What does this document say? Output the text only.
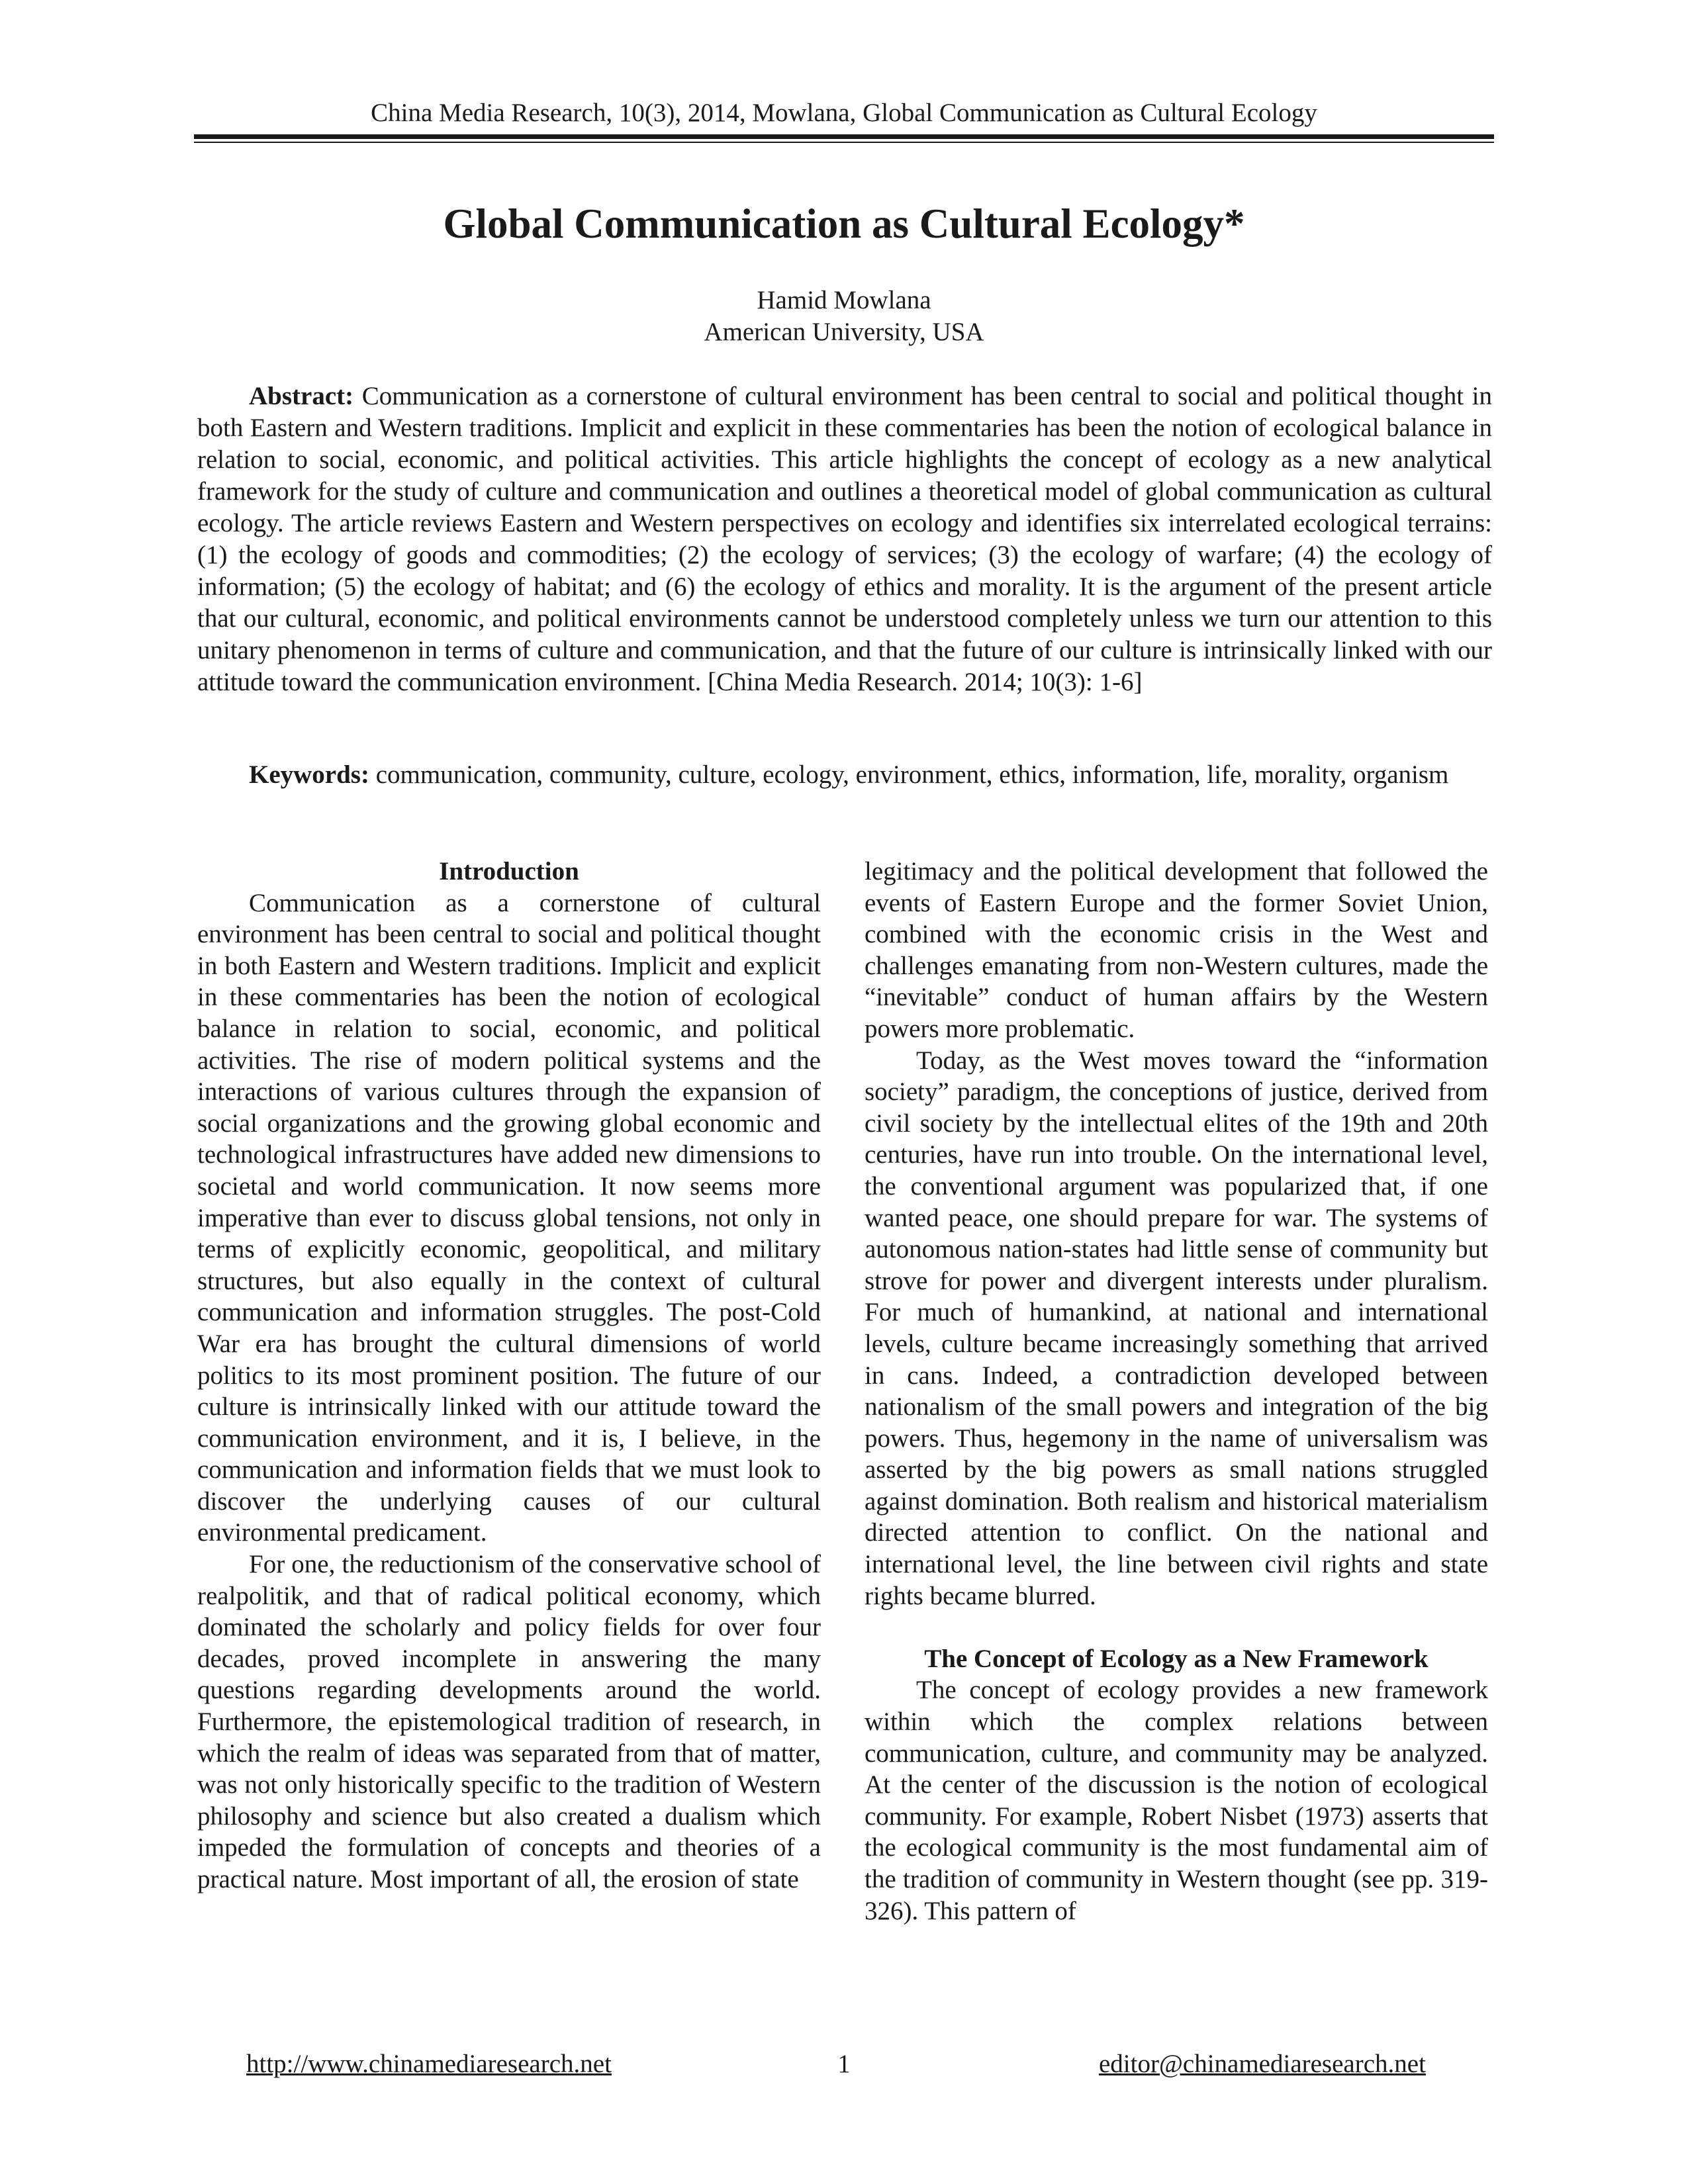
China Media Research, 10(3), 2014, Mowlana, Global Communication as Cultural Ecology
Global Communication as Cultural Ecology*
Hamid Mowlana
American University, USA

Abstract: Communication as a cornerstone of cultural environment has been central to social and political thought in both Eastern and Western traditions. Implicit and explicit in these commentaries has been the notion of ecological balance in relation to social, economic, and political activities. This article highlights the concept of ecology as a new analytical framework for the study of culture and communication and outlines a theoretical model of global communication as cultural ecology. The article reviews Eastern and Western perspectives on ecology and identifies six interrelated ecological terrains: (1) the ecology of goods and commodities; (2) the ecology of services; (3) the ecology of warfare; (4) the ecology of information; (5) the ecology of habitat; and (6) the ecology of ethics and morality. It is the argument of the present article that our cultural, economic, and political environments cannot be understood completely unless we turn our attention to this unitary phenomenon in terms of culture and communication, and that the future of our culture is intrinsically linked with our attitude toward the communication environment. [China Media Research. 2014; 10(3): 1-6]

Keywords: communication, community, culture, ecology, environment, ethics, information, life, morality, organism

Introduction

Communication as a cornerstone of cultural environment has been central to social and political thought in both Eastern and Western traditions. Implicit and explicit in these commentaries has been the notion of ecological balance in relation to social, economic, and political activities. The rise of modern political systems and the interactions of various cultures through the expansion of social organizations and the growing global economic and technological infrastructures have added new dimensions to societal and world communication. It now seems more imperative than ever to discuss global tensions, not only in terms of explicitly economic, geopolitical, and military structures, but also equally in the context of cultural communication and information struggles. The post-Cold War era has brought the cultural dimensions of world politics to its most prominent position. The future of our culture is intrinsically linked with our attitude toward the communication environment, and it is, I believe, in the communication and information fields that we must look to discover the underlying causes of our cultural environmental predicament.

For one, the reductionism of the conservative school of realpolitik, and that of radical political economy, which dominated the scholarly and policy fields for over four decades, proved incomplete in answering the many questions regarding developments around the world. Furthermore, the epistemological tradition of research, in which the realm of ideas was separated from that of matter, was not only historically specific to the tradition of Western philosophy and science but also created a dualism which impeded the formulation of concepts and theories of a practical nature. Most important of all, the erosion of state

legitimacy and the political development that followed the events of Eastern Europe and the former Soviet Union, combined with the economic crisis in the West and challenges emanating from non-Western cultures, made the “inevitable” conduct of human affairs by the Western powers more problematic.

Today, as the West moves toward the “information society” paradigm, the conceptions of justice, derived from civil society by the intellectual elites of the 19th and 20th centuries, have run into trouble. On the international level, the conventional argument was popularized that, if one wanted peace, one should prepare for war. The systems of autonomous nation-states had little sense of community but strove for power and divergent interests under pluralism. For much of humankind, at national and international levels, culture became increasingly something that arrived in cans. Indeed, a contradiction developed between nationalism of the small powers and integration of the big powers. Thus, hegemony in the name of universalism was asserted by the big powers as small nations struggled against domination. Both realism and historical materialism directed attention to conflict. On the national and international level, the line between civil rights and state rights became blurred.

The Concept of Ecology as a New Framework

The concept of ecology provides a new framework within which the complex relations between communication, culture, and community may be analyzed. At the center of the discussion is the notion of ecological community. For example, Robert Nisbet (1973) asserts that the ecological community is the most fundamental aim of the tradition of community in Western thought (see pp. 319-326). This pattern of

http://www.chinamediaresearch.net	1	editor@chinamediaresearch.net
